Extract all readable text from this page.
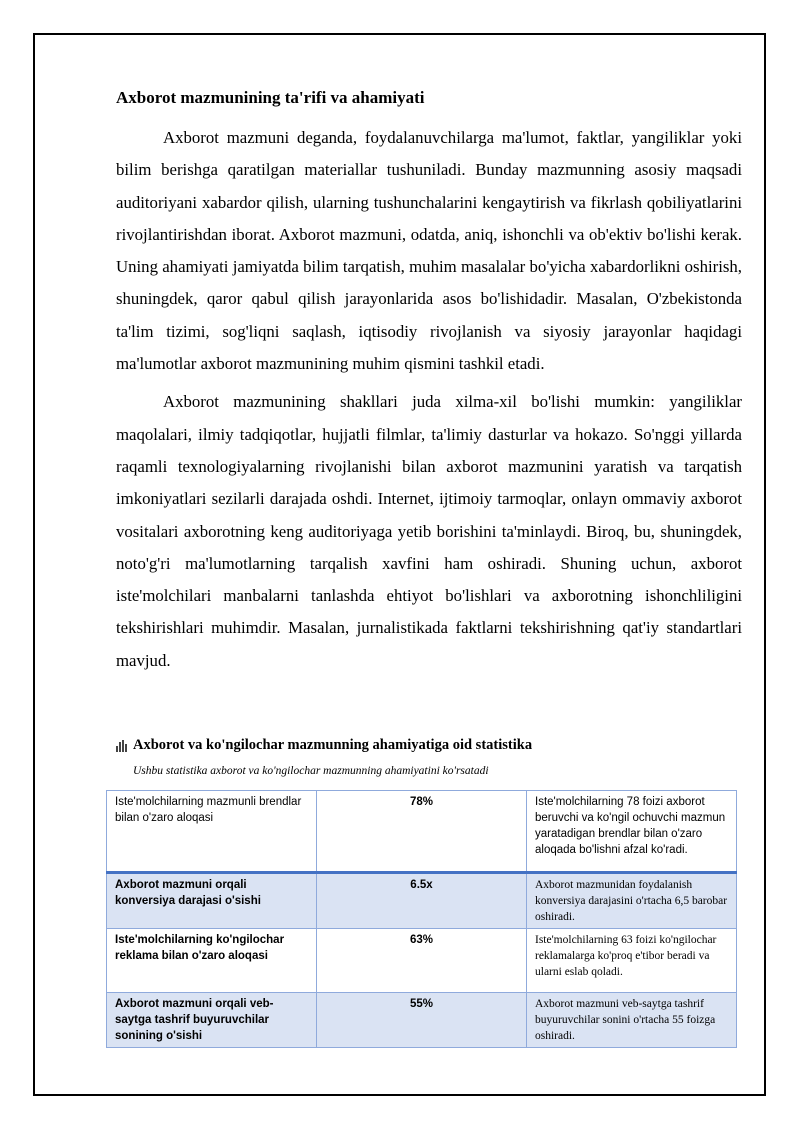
Axborot mazmunining ta'rifi va ahamiyati

Axborot mazmuni deganda, foydalanuvchilarga ma'lumot, faktlar, yangiliklar yoki bilim berishga qaratilgan materiallar tushuniladi. Bunday mazmunning asosiy maqsadi auditoriyani xabardor qilish, ularning tushunchalarini kengaytirish va fikrlash qobiliyatlarini rivojlantirishdan iborat. Axborot mazmuni, odatda, aniq, ishonchli va ob'ektiv bo'lishi kerak. Uning ahamiyati jamiyatda bilim tarqatish, muhim masalalar bo'yicha xabardorlikni oshirish, shuningdek, qaror qabul qilish jarayonlarida asos bo'lishidadir. Masalan, O'zbekistonda ta'lim tizimi, sog'liqni saqlash, iqtisodiy rivojlanish va siyosiy jarayonlar haqidagi ma'lumotlar axborot mazmunining muhim qismini tashkil etadi.

Axborot mazmunining shakllari juda xilma-xil bo'lishi mumkin: yangiliklar maqolalari, ilmiy tadqiqotlar, hujjatli filmlar, ta'limiy dasturlar va hokazo. So'nggi yillarda raqamli texnologiyalarning rivojlanishi bilan axborot mazmunini yaratish va tarqatish imkoniyatlari sezilarli darajada oshdi. Internet, ijtimoiy tarmoqlar, onlayn ommaviy axborot vositalari axborotning keng auditoriyaga yetib borishini ta'minlaydi. Biroq, bu, shuningdek, noto'g'ri ma'lumotlarning tarqalish xavfini ham oshiradi. Shuning uchun, axborot iste'molchilari manbalarni tanlashda ehtiyot bo'lishlari va axborotning ishonchliligini tekshirishlari muhimdir. Masalan, jurnalistikada faktlarni tekshirishning qat'iy standartlari mavjud.

Axborot va ko'ngilochar mazmunning ahamiyatiga oid statistika
Ushbu statistika axborot va ko'ngilochar mazmunning ahamiyatini ko'rsatadi
Iste'molchilarning mazmunli brendlar bilan o'zaro aloqasi	78%	Iste'molchilarning 78 foizi axborot beruvchi va ko'ngil ochuvchi mazmun yaratadigan brendlar bilan o'zaro aloqada bo'lishni afzal ko'radi.
Axborot mazmuni orqali konversiya darajasi o'sishi	6.5x	Axborot mazmunidan foydalanish konversiya darajasini o'rtacha 6,5 barobar oshiradi.
Iste'molchilarning ko'ngilochar reklama bilan o'zaro aloqasi	63%	Iste'molchilarning 63 foizi ko'ngilochar reklamalarga ko'proq e'tibor beradi va ularni eslab qoladi.
Axborot mazmuni orqali veb-saytga tashrif buyuruvchilar sonining o'sishi	55%	Axborot mazmuni veb-saytga tashrif buyuruvchilar sonini o'rtacha 55 foizga oshiradi.
